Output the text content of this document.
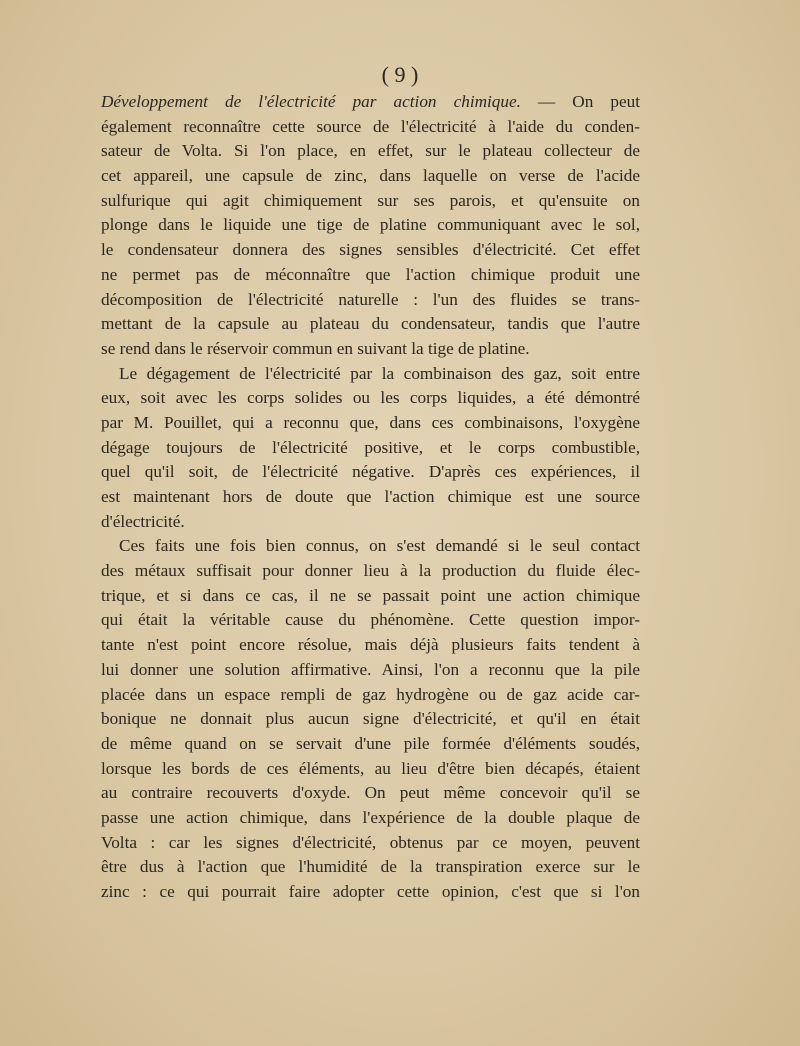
( 9 )
Développement de l'électricité par action chimique. — On peut
également reconnaître cette source de l'électricité à l'aide du conden-
sateur de Volta. Si l'on place, en effet, sur le plateau collecteur de
cet appareil, une capsule de zinc, dans laquelle on verse de l'acide
sulfurique qui agit chimiquement sur ses parois, et qu'ensuite on
plonge dans le liquide une tige de platine communiquant avec le sol,
le condensateur donnera des signes sensibles d'électricité. Cet effet
ne permet pas de méconnaître que l'action chimique produit une
décomposition de l'électricité naturelle : l'un des fluides se trans-
mettant de la capsule au plateau du condensateur, tandis que l'autre
se rend dans le réservoir commun en suivant la tige de platine.
Le dégagement de l'électricité par la combinaison des gaz, soit entre
eux, soit avec les corps solides ou les corps liquides, a été démontré
par M. Pouillet, qui a reconnu que, dans ces combinaisons, l'oxygène
dégage toujours de l'électricité positive, et le corps combustible,
quel qu'il soit, de l'électricité négative. D'après ces expériences, il
est maintenant hors de doute que l'action chimique est une source
d'électricité.
Ces faits une fois bien connus, on s'est demandé si le seul contact
des métaux suffisait pour donner lieu à la production du fluide élec-
trique, et si dans ce cas, il ne se passait point une action chimique
qui était la véritable cause du phénomène. Cette question impor-
tante n'est point encore résolue, mais déjà plusieurs faits tendent à
lui donner une solution affirmative. Ainsi, l'on a reconnu que la pile
placée dans un espace rempli de gaz hydrogène ou de gaz acide car-
bonique ne donnait plus aucun signe d'électricité, et qu'il en était
de même quand on se servait d'une pile formée d'éléments soudés,
lorsque les bords de ces éléments, au lieu d'être bien décapés, étaient
au contraire recouverts d'oxyde. On peut même concevoir qu'il se
passe une action chimique, dans l'expérience de la double plaque de
Volta : car les signes d'électricité, obtenus par ce moyen, peuvent
être dus à l'action que l'humidité de la transpiration exerce sur le
zinc : ce qui pourrait faire adopter cette opinion, c'est que si l'on
